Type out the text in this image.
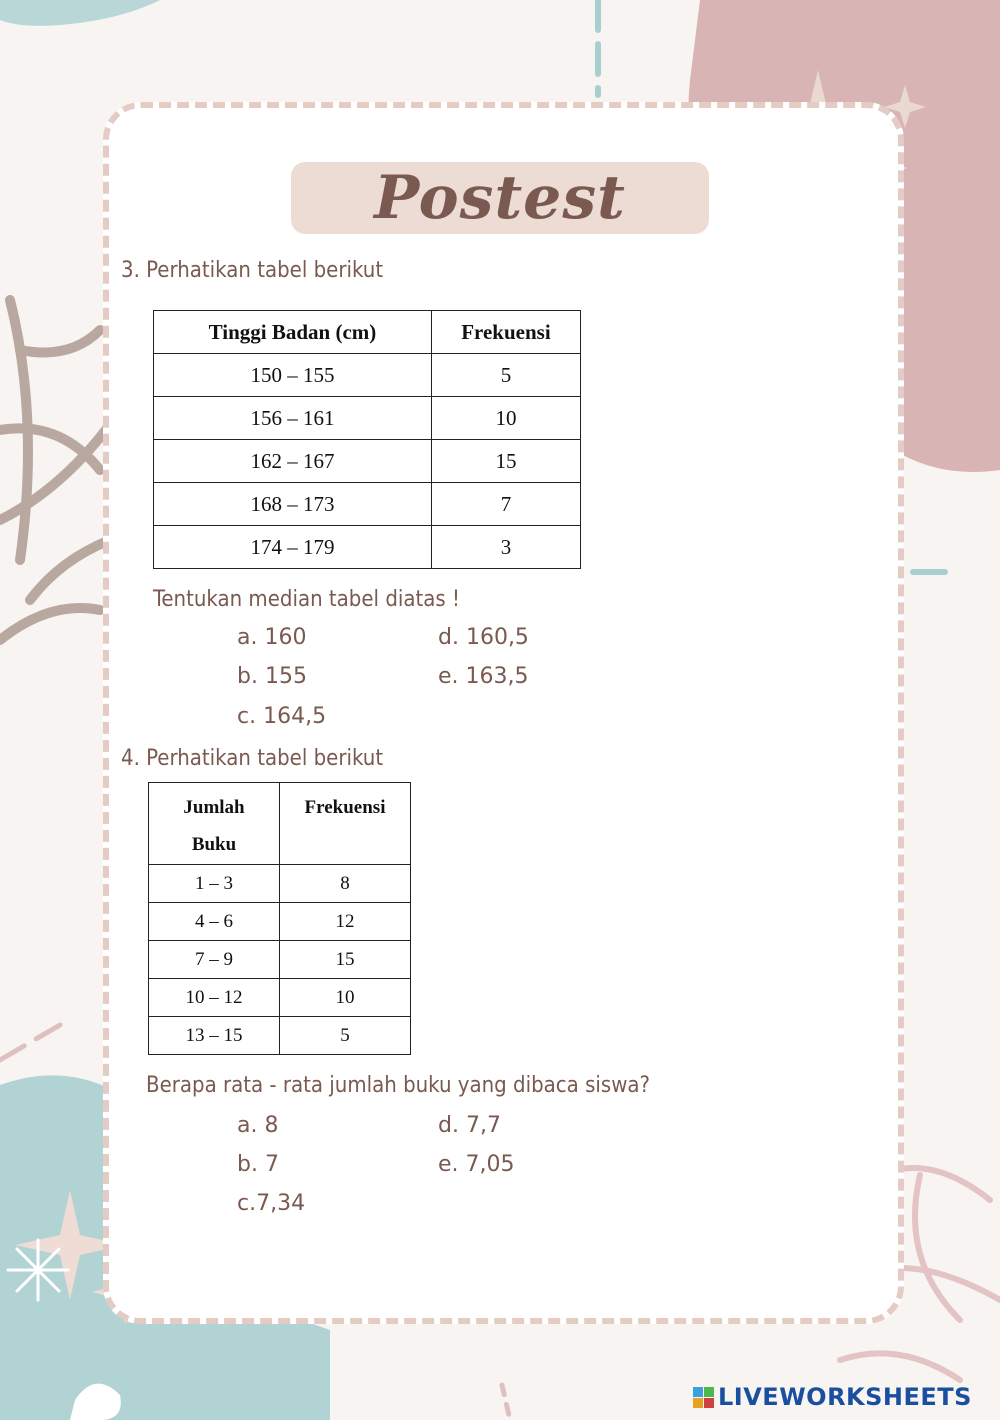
Postest
3. Perhatikan tabel berikut
Tinggi Badan (cm)	Frekuensi
150 – 155	5
156 – 161	10
162 – 167	15
168 – 173	7
174 – 179	3
Tentukan median tabel diatas !
a. 160
b. 155
c. 164,5
d. 160,5
e. 163,5
4. Perhatikan tabel berikut
Jumlah
Buku	Frekuensi
1 – 3	8
4 – 6	12
7 – 9	15
10 – 12	10
13 – 15	5
Berapa rata - rata jumlah buku yang dibaca siswa?
a. 8
b. 7
c.7,34
d. 7,7
e. 7,05
LIVEWORKSHEETS
